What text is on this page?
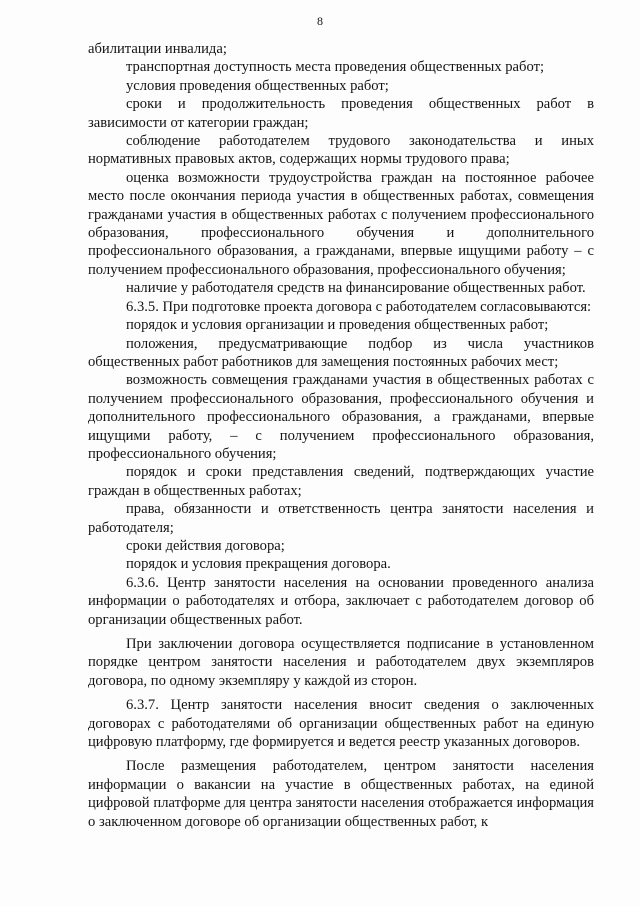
8

абилитации инвалида;

транспортная доступность места проведения общественных работ;

условия проведения общественных работ;

сроки и продолжительность проведения общественных работ в зависимости от категории граждан;

соблюдение работодателем трудового законодательства и иных нормативных правовых актов, содержащих нормы трудового права;

оценка возможности трудоустройства граждан на постоянное рабочее место после окончания периода участия в общественных работах, совмещения гражданами участия в общественных работах с получением профессионального образования, профессионального обучения и дополнительного профессионального образования, а гражданами, впервые ищущими работу – с получением профессионального образования, профессионального обучения;

наличие у работодателя средств на финансирование общественных работ.

6.3.5. При подготовке проекта договора с работодателем согласовываются:

порядок и условия организации и проведения общественных работ;

положения, предусматривающие подбор из числа участников общественных работ работников для замещения постоянных рабочих мест;

возможность совмещения гражданами участия в общественных работах с получением профессионального образования, профессионального обучения и дополнительного профессионального образования, а гражданами, впервые ищущими работу, – с получением профессионального образования, профессионального обучения;

порядок и сроки представления сведений, подтверждающих участие граждан в общественных работах;

права, обязанности и ответственность центра занятости населения и работодателя;

сроки действия договора;

порядок и условия прекращения договора.

6.3.6. Центр занятости населения на основании проведенного анализа информации о работодателях и отбора, заключает с работодателем договор об организации общественных работ.

При заключении договора осуществляется подписание в установленном порядке центром занятости населения и работодателем двух экземпляров договора, по одному экземпляру у каждой из сторон.

6.3.7. Центр занятости населения вносит сведения о заключенных договорах с работодателями об организации общественных работ на единую цифровую платформу, где формируется и ведется реестр указанных договоров.

После размещения работодателем, центром занятости населения информации о вакансии на участие в общественных работах, на единой цифровой платформе для центра занятости населения отображается информация о заключенном договоре об организации общественных работ, к
